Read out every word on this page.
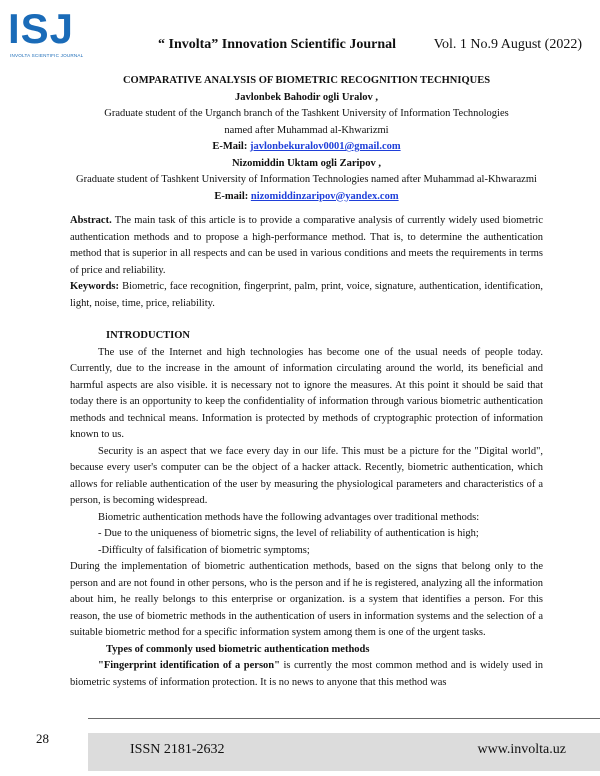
ISJ
INVOLTA SCIENTIFIC JOURNAL
“ Involta” Innovation Scientific Journal	Vol. 1 No.9 August (2022)
COMPARATIVE ANALYSIS OF BIOMETRIC RECOGNITION TECHNIQUES
Javlonbek Bahodir ogli Uralov ,
Graduate student of the Urganch branch of the Tashkent University of Information Technologies named after Muhammad al-Khwarizmi
E-Mail: javlonbekuralov0001@gmail.com
Nizomiddin Uktam ogli Zaripov ,
Graduate student of Tashkent University of Information Technologies named after Muhammad al-Khwarazmi
E-mail: nizomiddinzaripov@yandex.com

Abstract. The main task of this article is to provide a comparative analysis of currently widely used biometric authentication methods and to propose a high-performance method. That is, to determine the authentication method that is superior in all respects and can be used in various conditions and meets the requirements in terms of price and reliability.

Keywords: Biometric, face recognition, fingerprint, palm, print, voice, signature, authentication, identification, light, noise, time, price, reliability.

INTRODUCTION

The use of the Internet and high technologies has become one of the usual needs of people today. Currently, due to the increase in the amount of information circulating around the world, its beneficial and harmful aspects are also visible. it is necessary not to ignore the measures. At this point it should be said that today there is an opportunity to keep the confidentiality of information through various biometric authentication methods and technical means. Information is protected by methods of cryptographic protection of information known to us.

Security is an aspect that we face every day in our life. This must be a picture for the "Digital world", because every user's computer can be the object of a hacker attack. Recently, biometric authentication, which allows for reliable authentication of the user by measuring the physiological parameters and characteristics of a person, is becoming widespread.

Biometric authentication methods have the following advantages over traditional methods:

- Due to the uniqueness of biometric signs, the level of reliability of authentication is high;

-Difficulty of falsification of biometric symptoms;

During the implementation of biometric authentication methods, based on the signs that belong only to the person and are not found in other persons, who is the person and if he is registered, analyzing all the information about him, he really belongs to this enterprise or organization. is a system that identifies a person. For this reason, the use of biometric methods in the authentication of users in information systems and the selection of a suitable biometric method for a specific information system among them is one of the urgent tasks.

Types of commonly used biometric authentication methods

"Fingerprint identification of a person" is currently the most common method and is widely used in biometric systems of information protection. It is no news to anyone that this method was

28
ISSN 2181-2632	www.involta.uz
